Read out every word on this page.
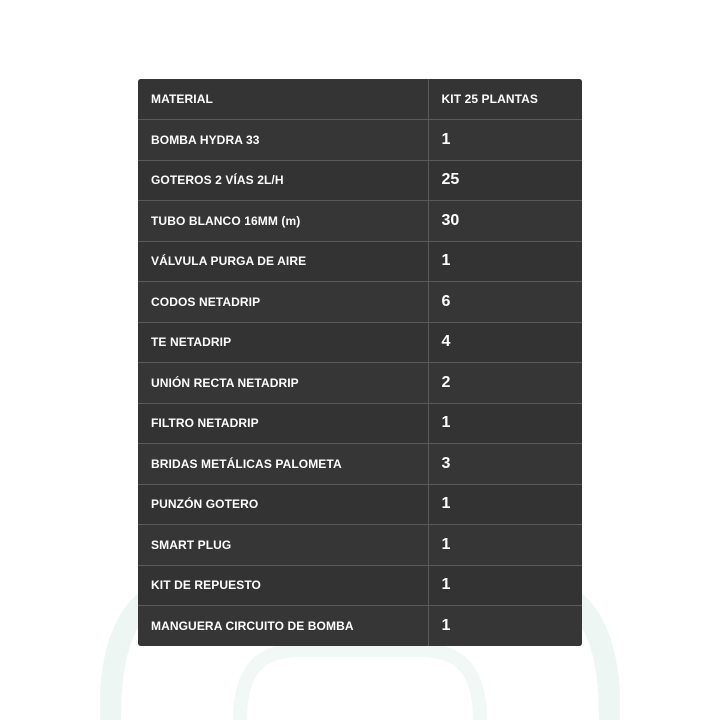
MATERIAL	KIT 25 PLANTAS
BOMBA HYDRA 33	1
GOTEROS 2 VÍAS 2L/H	25
TUBO BLANCO 16MM (m)	30
VÁLVULA PURGA DE AIRE	1
CODOS NETADRIP	6
TE NETADRIP	4
UNIÓN RECTA NETADRIP	2
FILTRO NETADRIP	1
BRIDAS METÁLICAS PALOMETA	3
PUNZÓN GOTERO	1
SMART PLUG	1
KIT DE REPUESTO	1
MANGUERA CIRCUITO DE BOMBA	1
